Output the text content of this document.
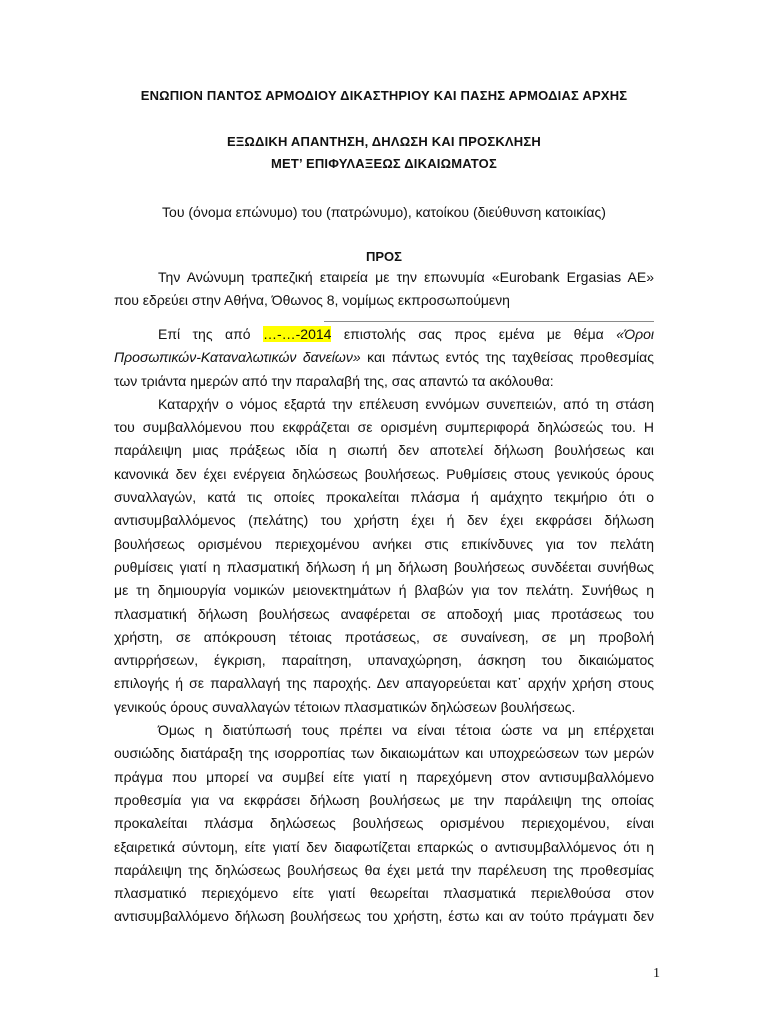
ΕΝΩΠΙΟΝ ΠΑΝΤΟΣ ΑΡΜΟΔΙΟΥ ΔΙΚΑΣΤΗΡΙΟΥ ΚΑΙ ΠΑΣΗΣ ΑΡΜΟΔΙΑΣ ΑΡΧΗΣ
ΕΞΩΔΙΚΗ ΑΠΑΝΤΗΣΗ, ΔΗΛΩΣΗ ΚΑΙ ΠΡΟΣΚΛΗΣΗ
ΜΕΤ’ ΕΠΙΦΥΛΑΞΕΩΣ ΔΙΚΑΙΩΜΑΤΟΣ
Του (όνομα επώνυμο) του (πατρώνυμο), κατοίκου (διεύθυνση κατοικίας)
ΠΡΟΣ
Την Ανώνυμη τραπεζική εταιρεία με την επωνυμία «Eurobank Ergasias AE»
που εδρεύει στην Αθήνα, Όθωνος 8, νομίμως εκπροσωπούμενη

Επί της από …-…-2014 επιστολής σας προς εμένα με θέμα «Όροι
Προσωπικών-Καταναλωτικών δανείων» και πάντως εντός της ταχθείσας προθεσμίας
των τριάντα ημερών από την παραλαβή της, σας απαντώ τα ακόλουθα:

Καταρχήν ο νόμος εξαρτά την επέλευση εννόμων συνεπειών, από τη στάση
του συμβαλλόμενου που εκφράζεται σε ορισμένη συμπεριφορά δηλώσεώς του. Η
παράλειψη μιας πράξεως ιδία η σιωπή δεν αποτελεί δήλωση βουλήσεως και
κανονικά δεν έχει ενέργεια δηλώσεως βουλήσεως. Ρυθμίσεις στους γενικούς όρους
συναλλαγών, κατά τις οποίες προκαλείται πλάσμα ή αμάχητο τεκμήριο ότι ο
αντισυμβαλλόμενος (πελάτης) του χρήστη έχει ή δεν έχει εκφράσει δήλωση
βουλήσεως ορισμένου περιεχομένου ανήκει στις επικίνδυνες για τον πελάτη
ρυθμίσεις γιατί η πλασματική δήλωση ή μη δήλωση βουλήσεως συνδέεται συνήθως
με τη δημιουργία νομικών μειονεκτημάτων ή βλαβών για τον πελάτη. Συνήθως η
πλασματική δήλωση βουλήσεως αναφέρεται σε αποδοχή μιας προτάσεως του
χρήστη, σε απόκρουση τέτοιας προτάσεως, σε συναίνεση, σε μη προβολή
αντιρρήσεων, έγκριση, παραίτηση, υπαναχώρηση, άσκηση του δικαιώματος
επιλογής ή σε παραλλαγή της παροχής. Δεν απαγορεύεται κατ᾽ αρχήν χρήση στους
γενικούς όρους συναλλαγών τέτοιων πλασματικών δηλώσεων βουλήσεως.

Όμως η διατύπωσή τους πρέπει να είναι τέτοια ώστε να μη επέρχεται
ουσιώδης διατάραξη της ισορροπίας των δικαιωμάτων και υποχρεώσεων των μερών
πράγμα που μπορεί να συμβεί είτε γιατί η παρεχόμενη στον αντισυμβαλλόμενο
προθεσμία για να εκφράσει δήλωση βουλήσεως με την παράλειψη της οποίας
προκαλείται πλάσμα δηλώσεως βουλήσεως ορισμένου περιεχομένου, είναι
εξαιρετικά σύντομη, είτε γιατί δεν διαφωτίζεται επαρκώς ο αντισυμβαλλόμενος ότι η
παράλειψη της δηλώσεως βουλήσεως θα έχει μετά την παρέλευση της προθεσμίας
πλασματικό περιεχόμενο είτε γιατί θεωρείται πλασματικά περιελθούσα στον
αντισυμβαλλόμενο δήλωση βουλήσεως του χρήστη, έστω και αν τούτο πράγματι δεν

1
